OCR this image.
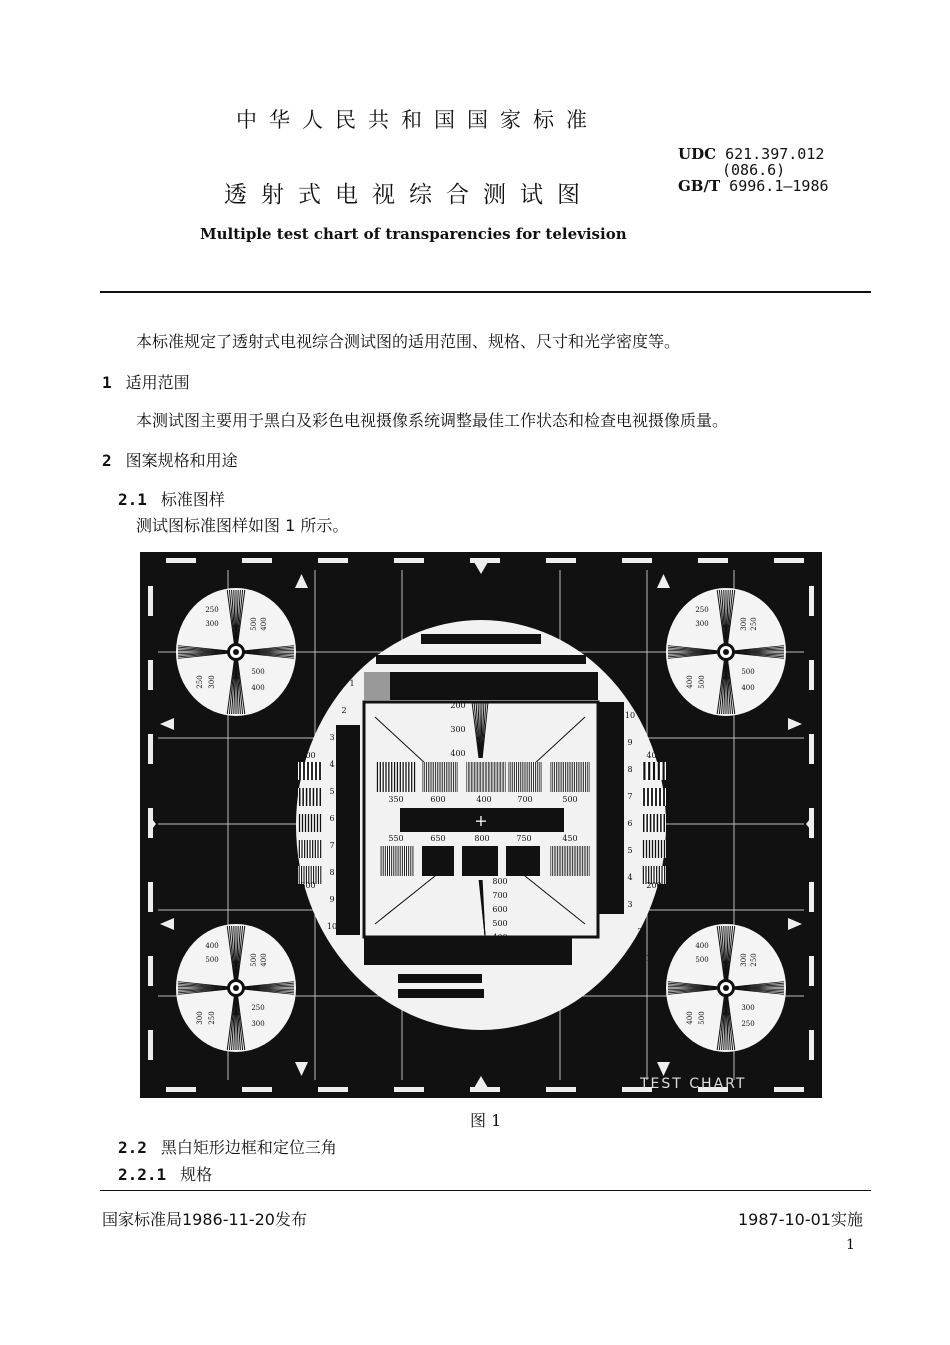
中华人民共和国国家标准
透射式电视综合测试图
Multiple test chart of transparencies for television
UDC 621.397.012
(086.6)
GB/T 6996.1—1986
本标准规定了透射式电视综合测试图的适用范围、规格、尺寸和光学密度等。
1 适用范围
本测试图主要用于黑白及彩色电视摄像系统调整最佳工作状态和检查电视摄像质量。
2 图案规格和用途
2.1 标准图样
测试图标准图样如图 1 所示。
+
350	600	400	700	500
550	650	800	750	450
200
300
400
800
700
600
500
400
1
2
3
4
5
6
7
8
9
10
10
9
8
7
6
5
4
3
2
1
400
600
400
200
250
300	500 400
500
400
250 300
250
300	300 250
500
400
400 500
400
500	500 400
250
300
300 250
400
500	300 250
300
250
400 500
TEST CHART
图 1
2.2 黑白矩形边框和定位三角
2.2.1 规格
国家标准局1986-11-20发布	1987-10-01实施
1
